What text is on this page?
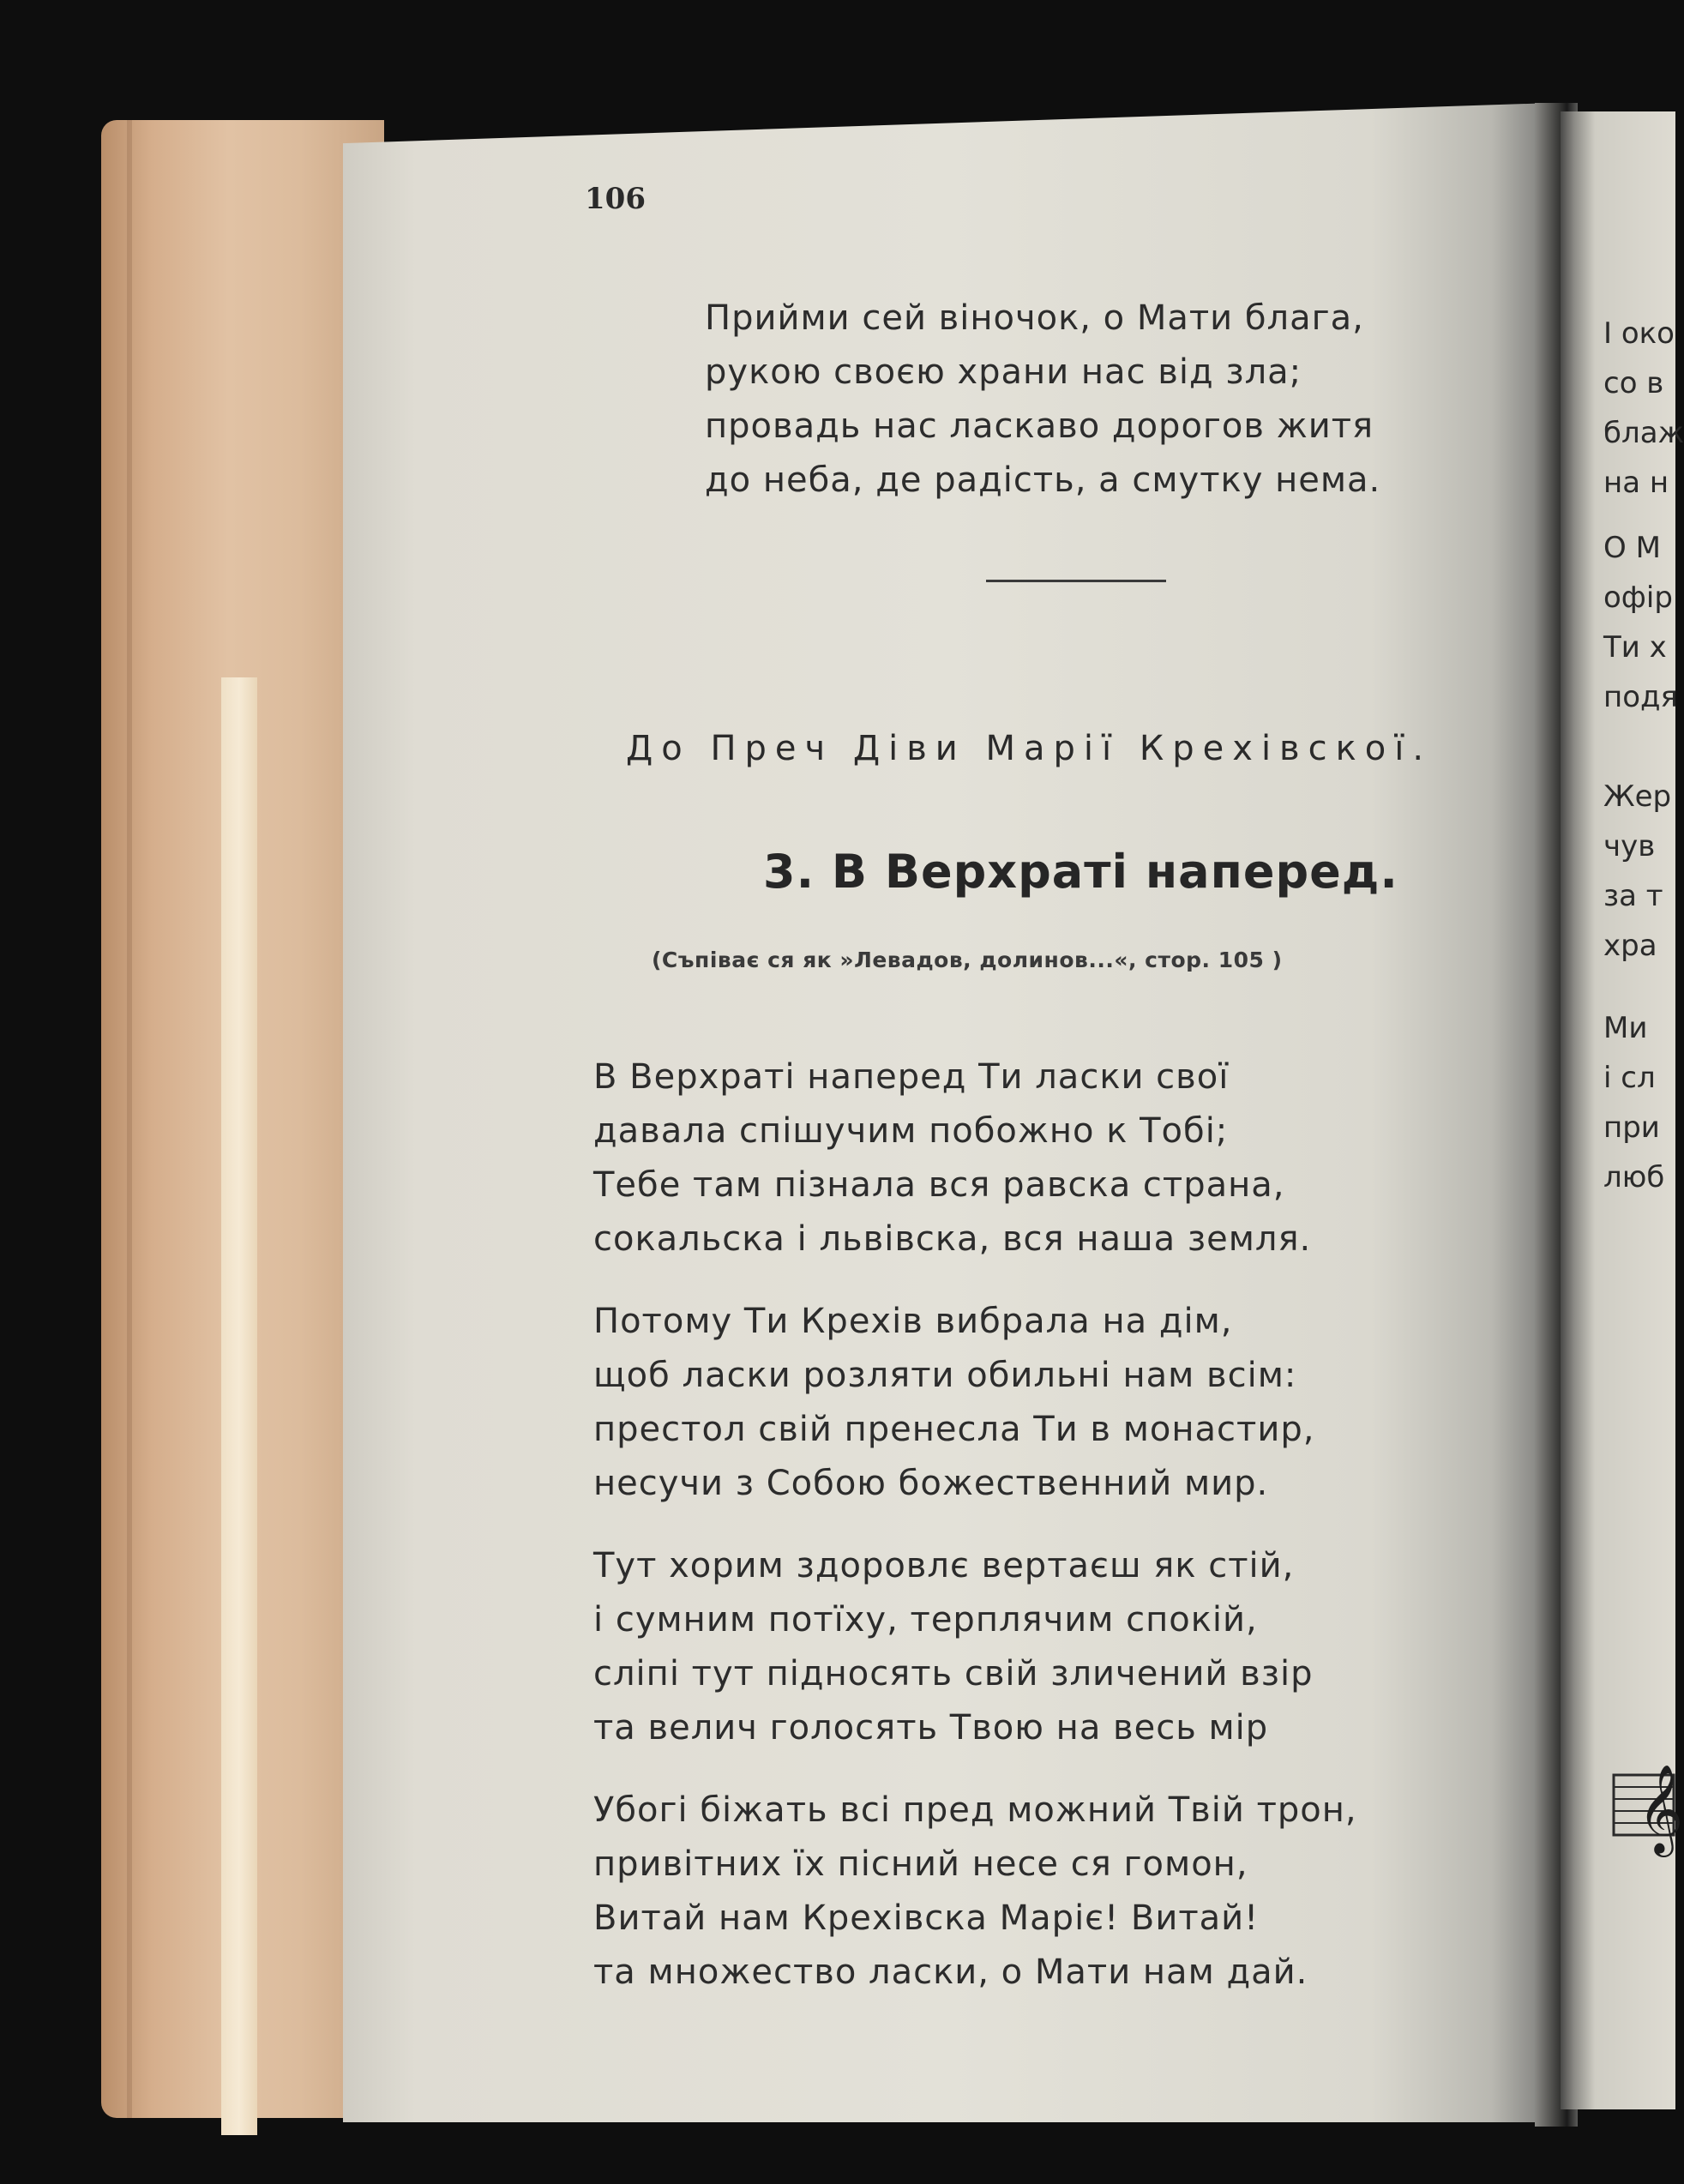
106
Прийми сей віночок, о Мати блага,
рукою своєю храни нас від зла;
провадь нас ласкаво дорогов житя
до неба, де радість, а смутку нема.
До Преч Діви Марії Крехівскої.
3. В Верхраті наперед.
(Съпіває ся як »Левадов, долинов...«, стор. 105 )
В Верхраті наперед Ти ласки свої
давала спішучим побожно к Тобі;
Тебе там пізнала вся равска страна,
сокальска і львівска, вся наша земля.
Потому Ти Крехів вибрала на дім,
щоб ласки розляти обильні нам всім:
престол свій пренесла Ти в монастир,
несучи з Собою божественний мир.
Тут хорим здоровлє вертаєш як стій,
і сумним потїху, терплячим спокій,
сліпі тут підносять свій зличений взір
та велич голосять Твою на весь мір
Убогі біжать всі пред можний Твій трон,
привітних їх пісний несе ся гомон,
Витай нам Крехівска Маріє! Витай!
та множество ласки, о Мати нам дай.
І око
со в
блаж
на н
О М
офір
Ти х
подя
Жер
чув
за т
хра
Ми
і сл
при
люб
𝄞
